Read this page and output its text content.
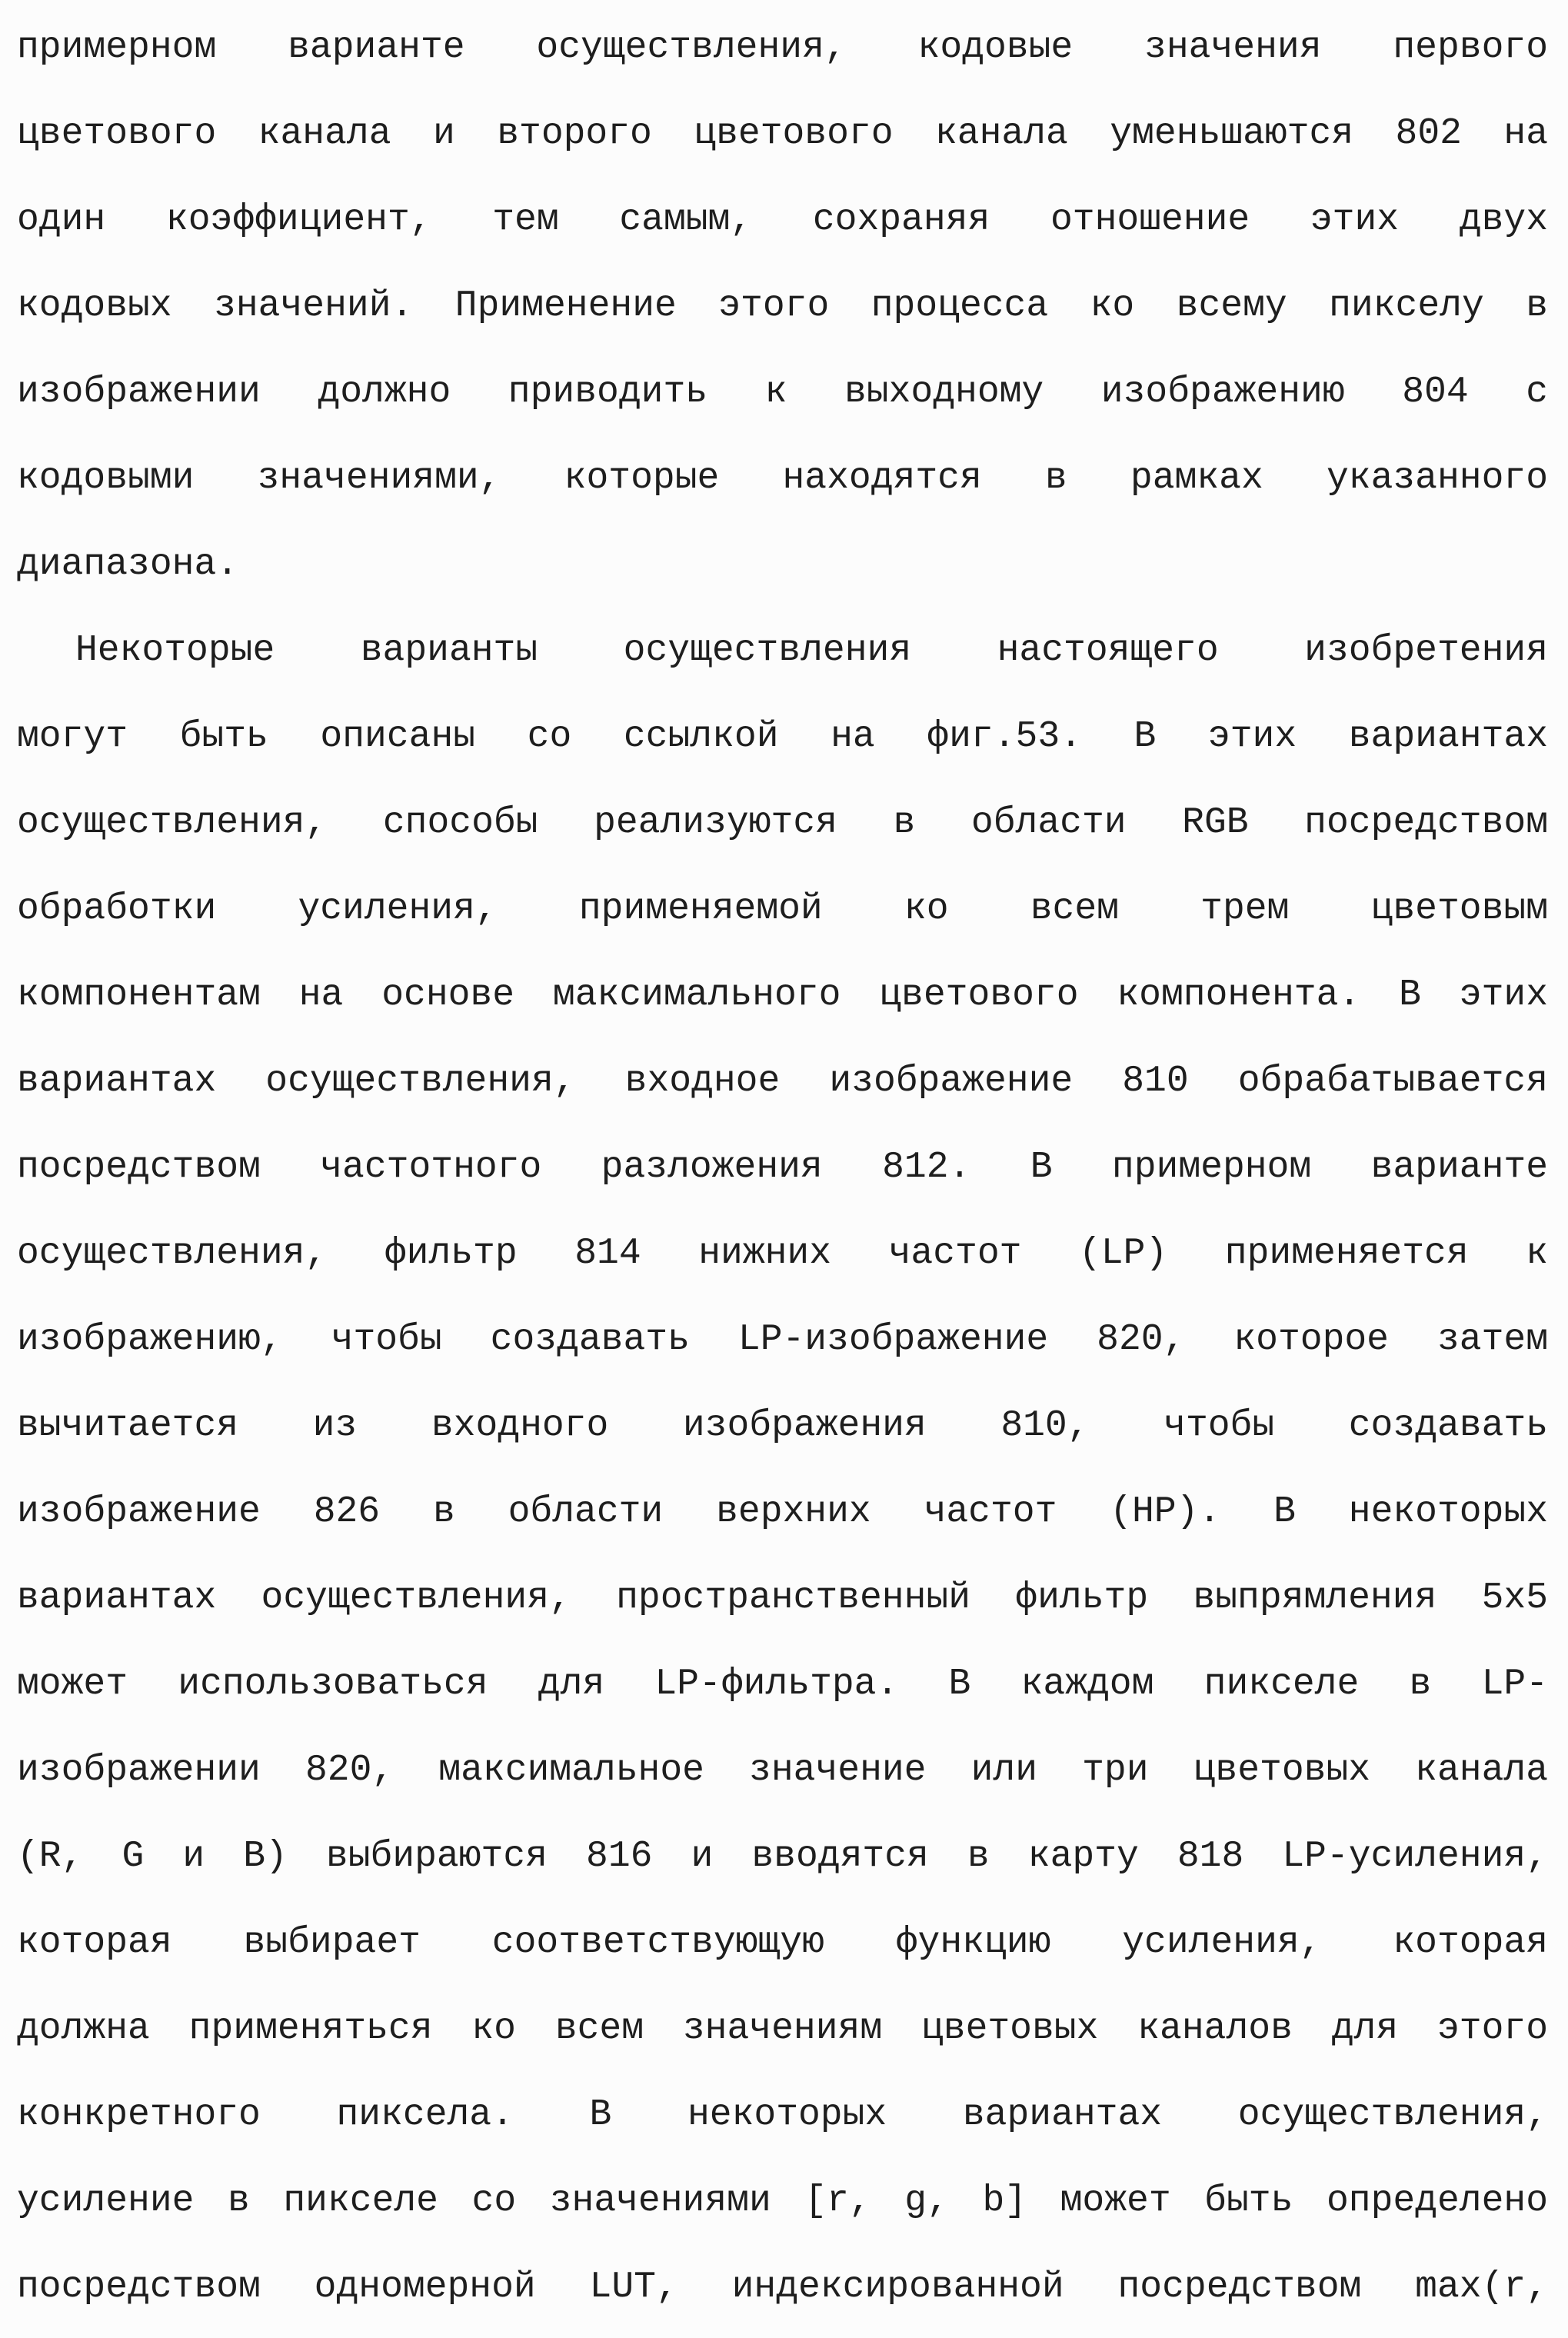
примерном варианте осуществления, кодовые значения первого
цветового канала и второго цветового канала уменьшаются 802 на
один коэффициент, тем самым, сохраняя отношение этих двух
кодовых значений. Применение этого процесса ко всему пикселу в
изображении должно приводить к выходному изображению 804 с
кодовыми значениями, которые находятся в рамках указанного
диапазона.
Некоторые варианты осуществления настоящего изобретения
могут быть описаны со ссылкой на фиг.53. В этих вариантах
осуществления, способы реализуются в области RGB посредством
обработки усиления, применяемой ко всем трем цветовым
компонентам на основе максимального цветового компонента. В этих
вариантах осуществления, входное изображение 810 обрабатывается
посредством частотного разложения 812. В примерном варианте
осуществления, фильтр 814 нижних частот (LP) применяется к
изображению, чтобы создавать LP-изображение 820, которое затем
вычитается из входного изображения 810, чтобы создавать
изображение 826 в области верхних частот (HP). В некоторых
вариантах осуществления, пространственный фильтр выпрямления 5x5
может использоваться для LP-фильтра. В каждом пикселе в LP-
изображении 820, максимальное значение или три цветовых канала
(R, G и B) выбираются 816 и вводятся в карту 818 LP-усиления,
которая выбирает соответствующую функцию усиления, которая
должна применяться ко всем значениям цветовых каналов для этого
конкретного пиксела. В некоторых вариантах осуществления,
усиление в пикселе со значениями [r, g, b] может быть определено
посредством одномерной LUT, индексированной посредством max(r,
